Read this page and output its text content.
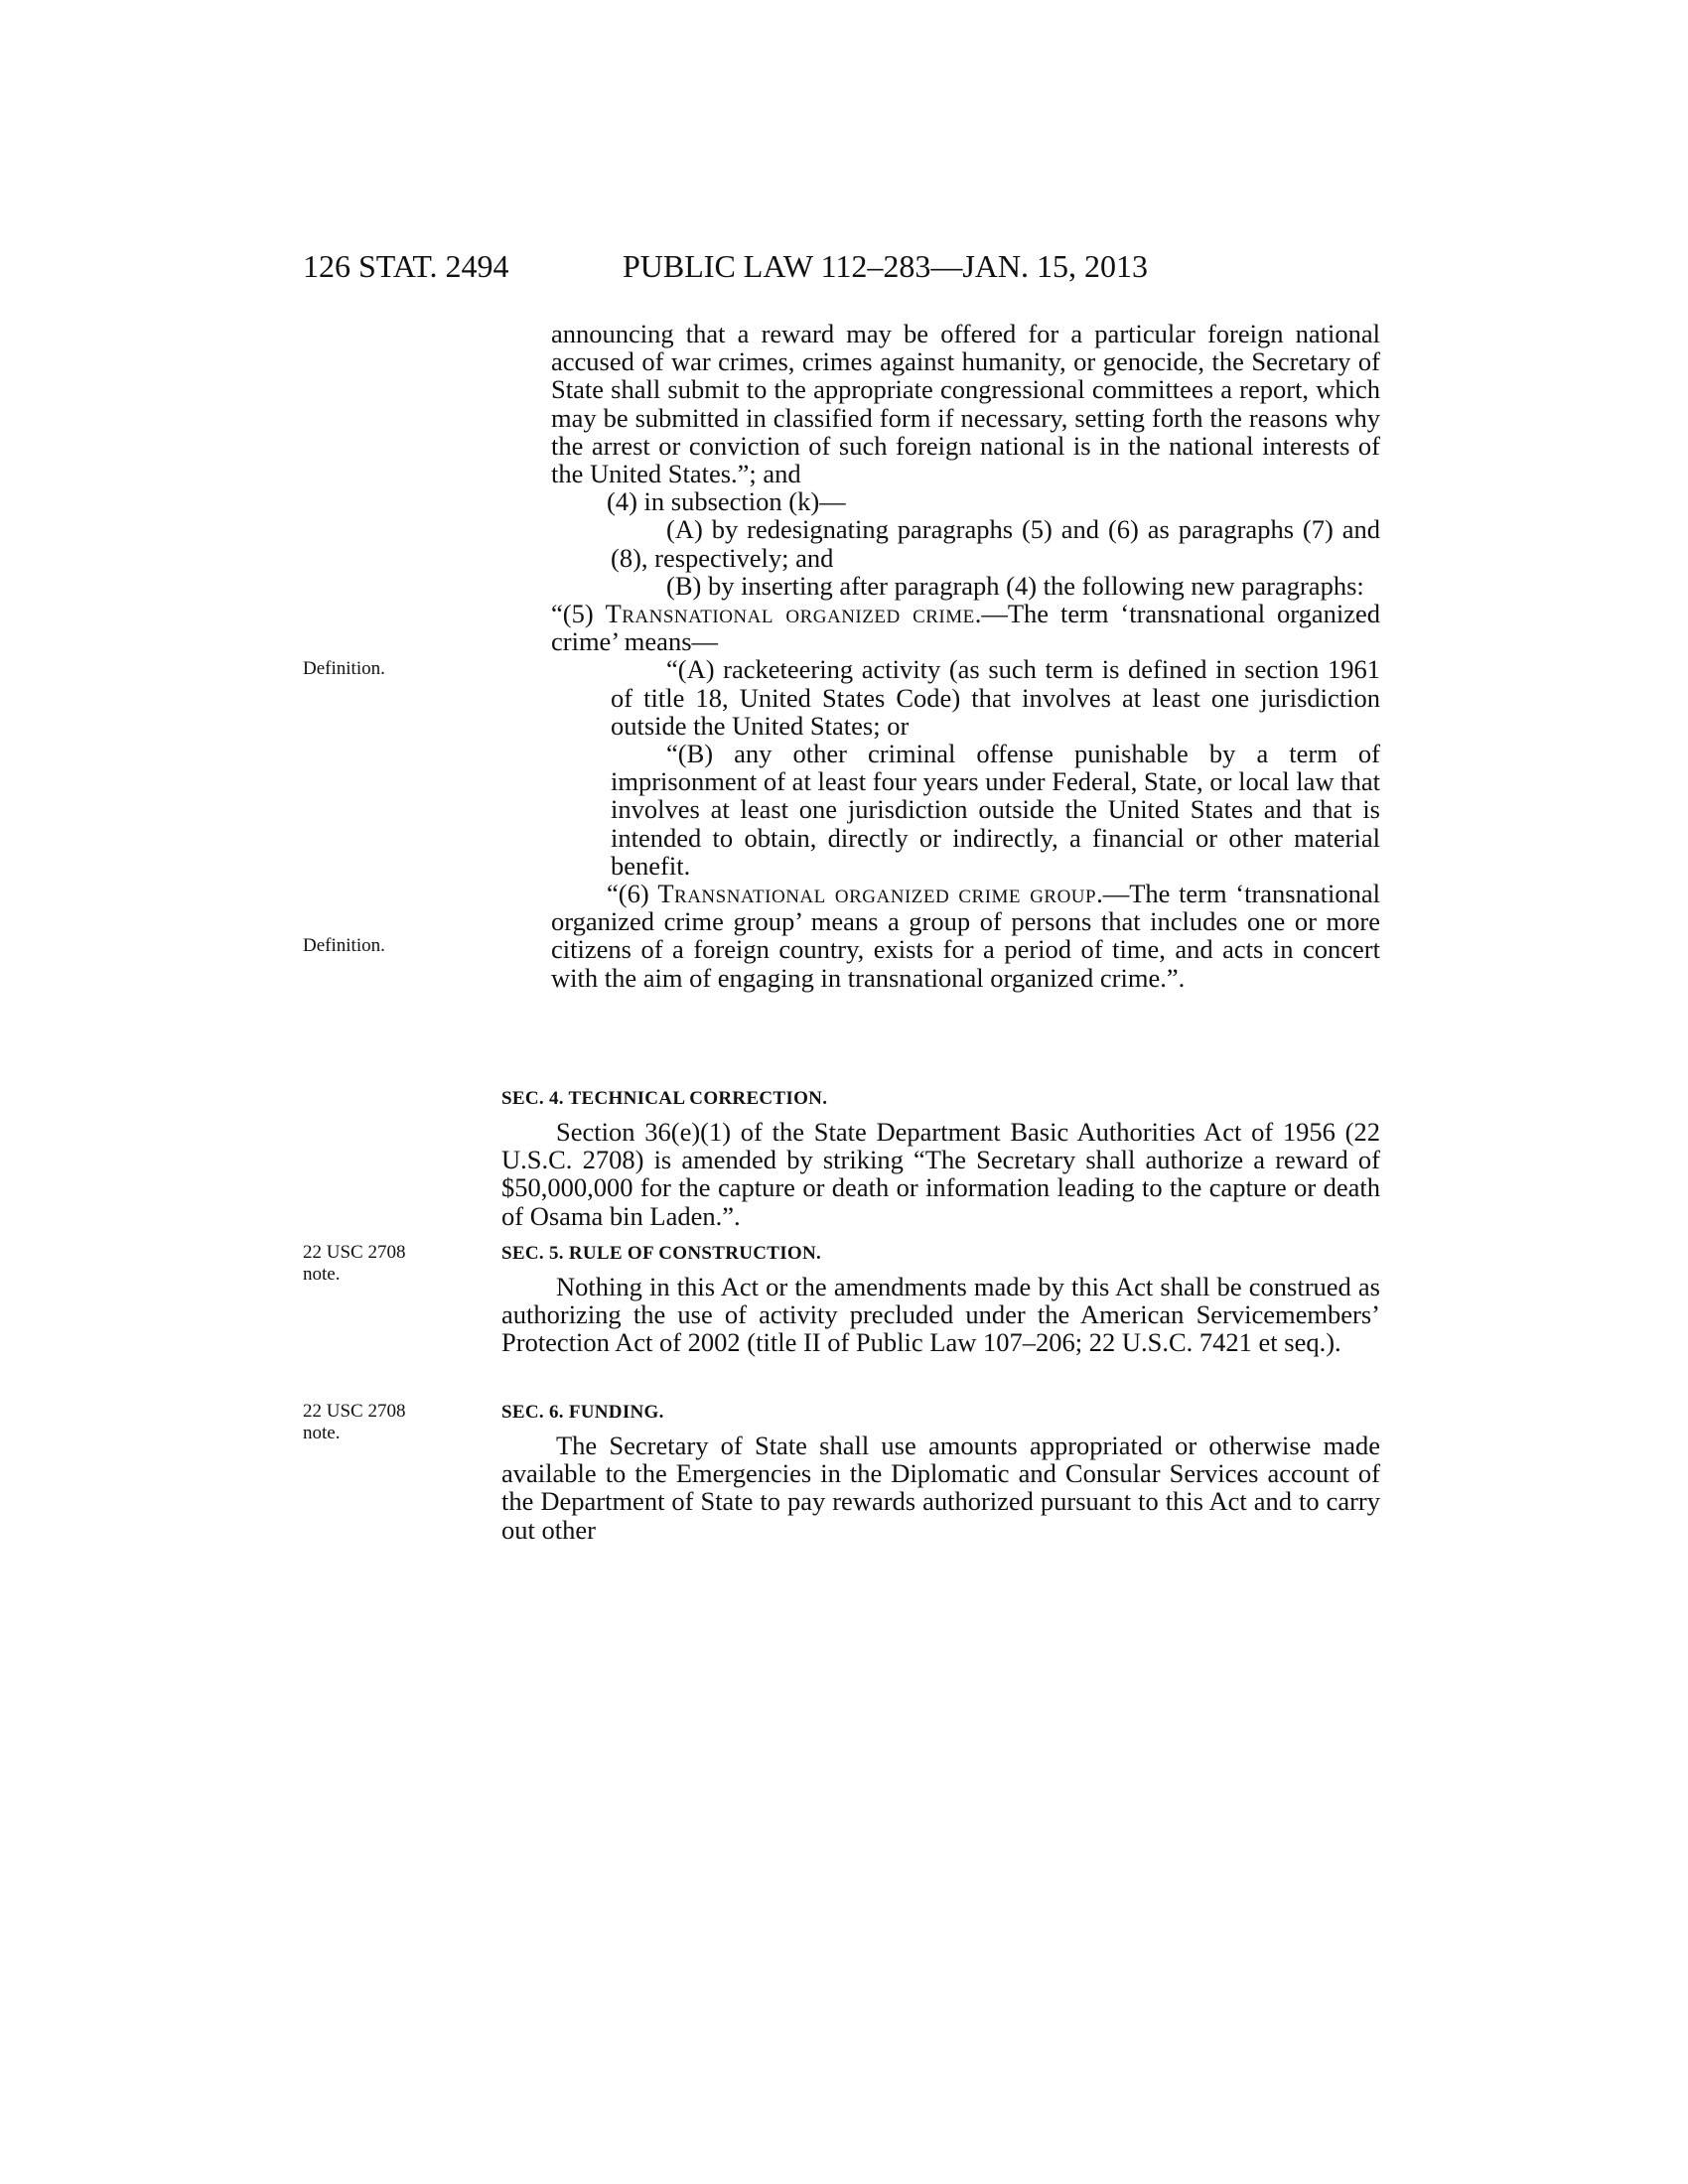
126 STAT. 2494	PUBLIC LAW 112–283—JAN. 15, 2013

announcing that a reward may be offered for a particular foreign national accused of war crimes, crimes against humanity, or genocide, the Secretary of State shall submit to the appropriate congressional committees a report, which may be submitted in classified form if necessary, setting forth the reasons why the arrest or conviction of such foreign national is in the national interests of the United States.”; and

(4) in subsection (k)—

(A) by redesignating paragraphs (5) and (6) as paragraphs (7) and (8), respectively; and

(B) by inserting after paragraph (4) the following new paragraphs:

“(5) Transnational organized crime.—The term ‘transnational organized crime’ means—

“(A) racketeering activity (as such term is defined in section 1961 of title 18, United States Code) that involves at least one jurisdiction outside the United States; or

“(B) any other criminal offense punishable by a term of imprisonment of at least four years under Federal, State, or local law that involves at least one jurisdiction outside the United States and that is intended to obtain, directly or indirectly, a financial or other material benefit.

“(6) Transnational organized crime group.—The term ‘transnational organized crime group’ means a group of persons that includes one or more citizens of a foreign country, exists for a period of time, and acts in concert with the aim of engaging in transnational organized crime.”.

Definition.
Definition.
SEC. 4. TECHNICAL CORRECTION.

Section 36(e)(1) of the State Department Basic Authorities Act of 1956 (22 U.S.C. 2708) is amended by striking “The Secretary shall authorize a reward of $50,000,000 for the capture or death or information leading to the capture or death of Osama bin Laden.”.

22 USC 2708
note.
SEC. 5. RULE OF CONSTRUCTION.

Nothing in this Act or the amendments made by this Act shall be construed as authorizing the use of activity precluded under the American Servicemembers’ Protection Act of 2002 (title II of Public Law 107–206; 22 U.S.C. 7421 et seq.).

22 USC 2708
note.
SEC. 6. FUNDING.

The Secretary of State shall use amounts appropriated or otherwise made available to the Emergencies in the Diplomatic and Consular Services account of the Department of State to pay rewards authorized pursuant to this Act and to carry out other
